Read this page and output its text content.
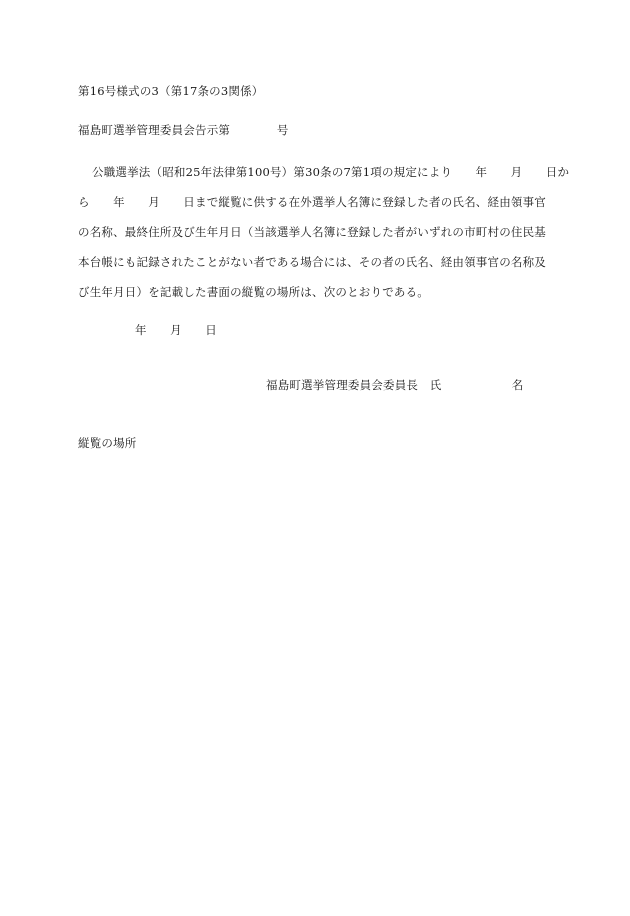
第16号様式の3（第17条の3関係）
福島町選挙管理委員会告示第　　　　号
公職選挙法（昭和25年法律第100号）第30条の7第1項の規定により　　年　　月　　日か
ら　　年　　月　　日まで縦覧に供する在外選挙人名簿に登録した者の氏名、経由領事官
の名称、最終住所及び生年月日（当該選挙人名簿に登録した者がいずれの市町村の住民基
本台帳にも記録されたことがない者である場合には、その者の氏名、経由領事官の名称及
び生年月日）を記載した書面の縦覧の場所は、次のとおりである。
年　　月　　日
福島町選挙管理委員会委員長　氏　　　　　　名
縦覧の場所
